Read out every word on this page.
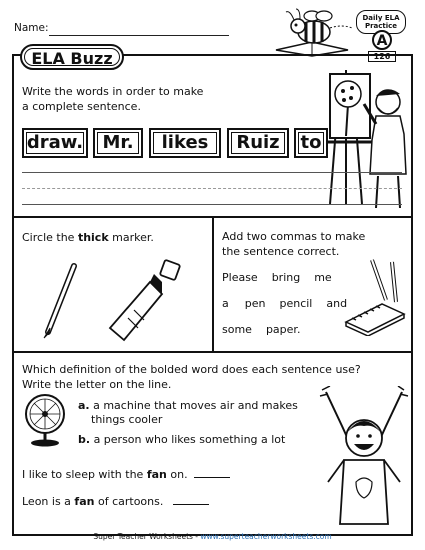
Name:
Daily ELA
Practice
A
126
ELA Buzz
Write the words in order to make
a complete sentence.
draw.	Mr.	likes	Ruiz	to
Circle the thick marker.	Add two commas to make
the sentence correct.
Please bring me
a pen pencil and
some paper.
Which definition of the bolded word does each sentence use?
Write the letter on the line.
a. a machine that moves air and makes
things cooler
b. a person who likes something a lot
I like to sleep with the fan on.
Leon is a fan of cartoons.
Super Teacher Worksheets - www.superteacherworksheets.com
